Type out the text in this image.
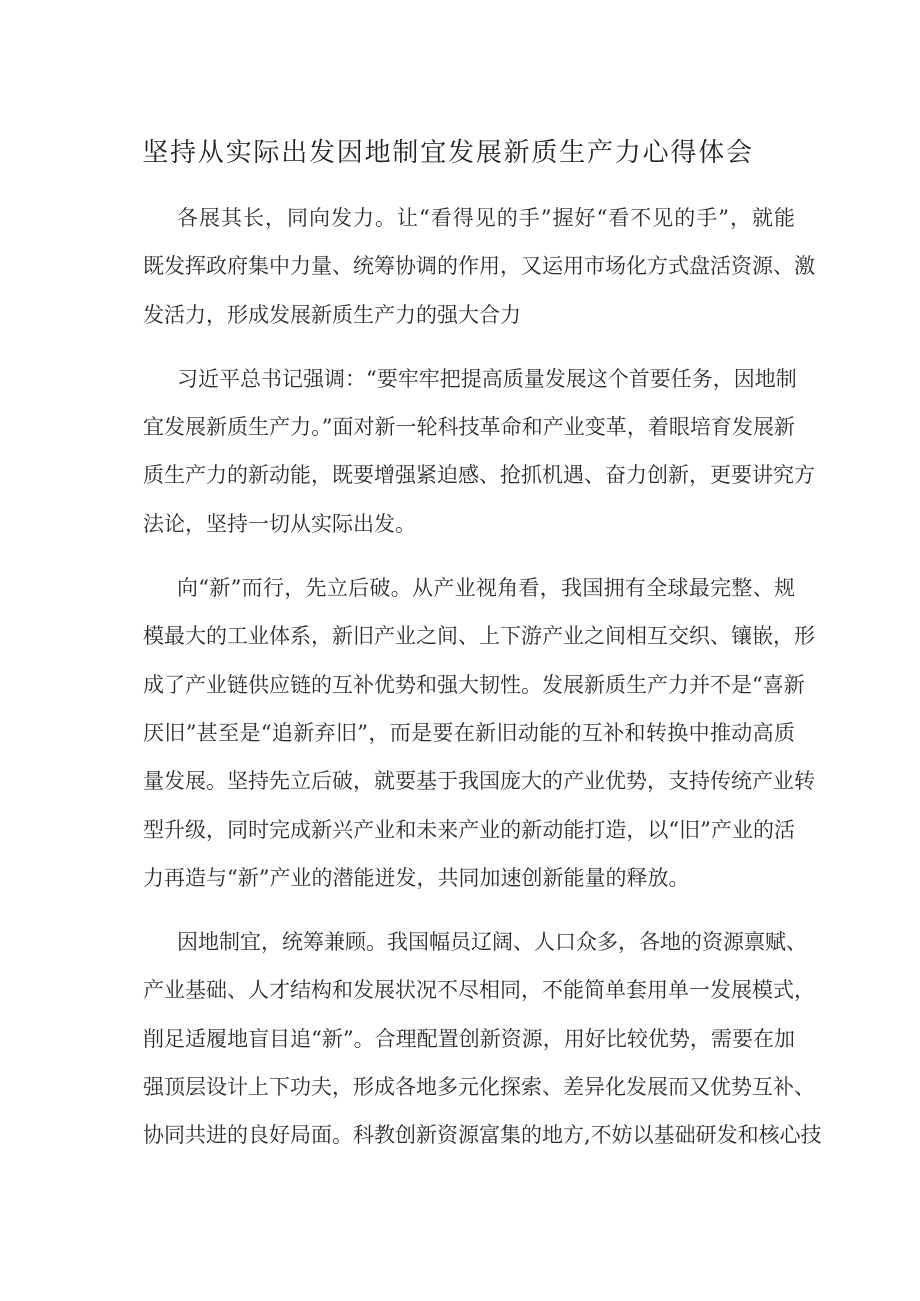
坚持从实际出发因地制宜发展新质生产力心得体会

各展其长，同向发力。让“看得见的手”握好“看不见的手”，就能
既发挥政府集中力量、统筹协调的作用，又运用市场化方式盘活资源、激
发活力，形成发展新质生产力的强大合力

习近平总书记强调：“要牢牢把提高质量发展这个首要任务，因地制
宜发展新质生产力。”面对新一轮科技革命和产业变革，着眼培育发展新
质生产力的新动能，既要增强紧迫感、抢抓机遇、奋力创新，更要讲究方
法论，坚持一切从实际出发。

向“新”而行，先立后破。从产业视角看，我国拥有全球最完整、规
模最大的工业体系，新旧产业之间、上下游产业之间相互交织、镶嵌，形
成了产业链供应链的互补优势和强大韧性。发展新质生产力并不是“喜新
厌旧”甚至是“追新弃旧”，而是要在新旧动能的互补和转换中推动高质
量发展。坚持先立后破，就要基于我国庞大的产业优势，支持传统产业转
型升级，同时完成新兴产业和未来产业的新动能打造，以“旧”产业的活
力再造与“新”产业的潜能迸发，共同加速创新能量的释放。

因地制宜，统筹兼顾。我国幅员辽阔、人口众多，各地的资源禀赋、
产业基础、人才结构和发展状况不尽相同，不能简单套用单一发展模式，
削足适履地盲目追“新”。合理配置创新资源，用好比较优势，需要在加
强顶层设计上下功夫，形成各地多元化探索、差异化发展而又优势互补、
协同共进的良好局面。科教创新资源富集的地方,不妨以基础研发和核心技
